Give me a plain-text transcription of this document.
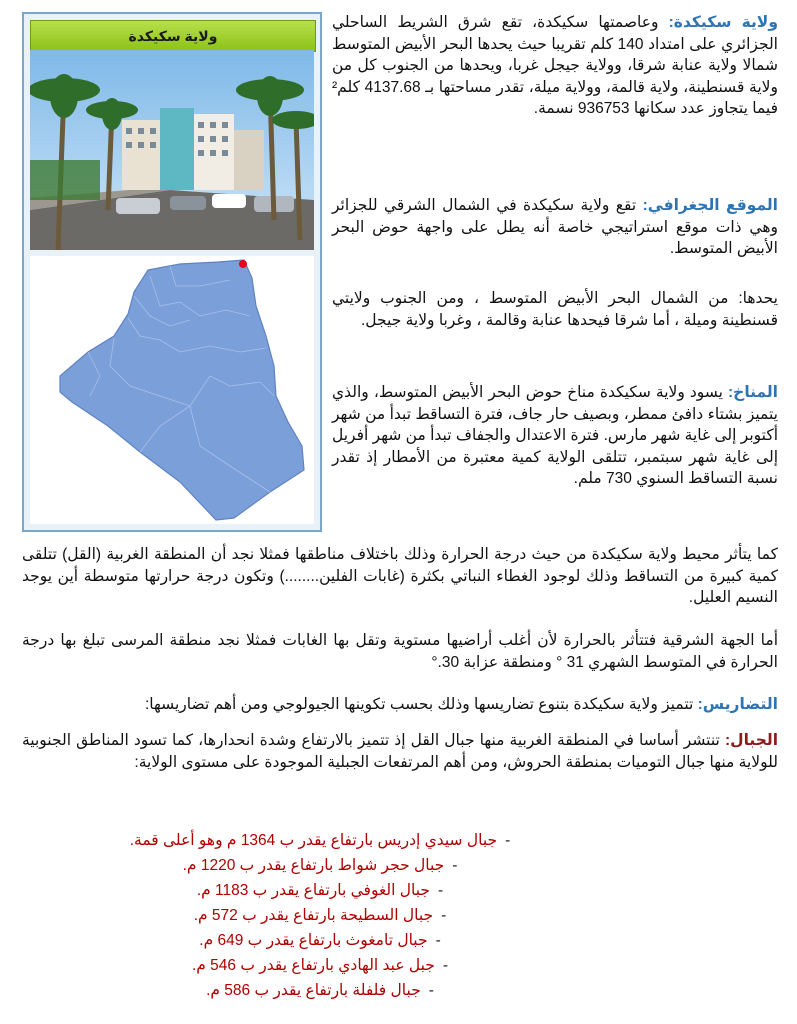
ولاية سكيكدة

ولاية سكيكدة: وعاصمتها سكيكدة، تقع شرق الشريط الساحلي الجزائري على امتداد 140 كلم تقريبا حيث يحدها البحر الأبيض المتوسط شمالا ولاية عنابة شرقا، وولاية جيجل غربا، ويحدها من الجنوب كل من ولاية قسنطينة، ولاية قالمة، وولاية ميلة، تقدر مساحتها بـ 4137.68 كلم² فيما يتجاوز عدد سكانها 936753 نسمة.

الموقع الجغرافي: تقع ولاية سكيكدة في الشمال الشرقي للجزائر وهي ذات موقع استراتيجي خاصة أنه يطل على واجهة حوض البحر الأبيض المتوسط.

يحدها: من الشمال البحر الأبيض المتوسط ، ومن الجنوب ولايتي قسنطينة وميلة ، أما شرقا فيحدها عنابة وقالمة ، وغربا ولاية جيجل.

المناخ: يسود ولاية سكيكدة مناخ حوض البحر الأبيض المتوسط، والذي يتميز بشتاء دافئ ممطر، وبصيف حار جاف، فترة التساقط تبدأ من شهر أكتوبر إلى غاية شهر مارس. فترة الاعتدال والجفاف تبدأ من شهر أفريل إلى غاية شهر سبتمبر، تتلقى الولاية كمية معتبرة من الأمطار إذ تقدر نسبة التساقط السنوي 730 ملم.

كما يتأثر محيط ولاية سكيكدة من حيث درجة الحرارة وذلك باختلاف مناطقها فمثلا نجد أن المنطقة الغربية (القل) تتلقى كمية كبيرة من التساقط وذلك لوجود الغطاء النباتي بكثرة (غابات الفلين........) وتكون درجة حرارتها متوسطة أين يوجد النسيم العليل.

أما الجهة الشرقية فتتأثر بالحرارة لأن أغلب أراضيها مستوية وتقل بها الغابات فمثلا نجد منطقة المرسى تبلغ بها درجة الحرارة في المتوسط الشهري 31 ° ومنطقة عزابة 30.°

التضاريس: تتميز ولاية سكيكدة بتنوع تضاريسها وذلك بحسب تكوينها الجيولوجي ومن أهم تضاريسها:

الجبال: تنتشر أساسا في المنطقة الغربية منها جبال القل إذ تتميز بالارتفاع وشدة انحدارها، كما تسود المناطق الجنوبية للولاية منها جبال التوميات بمنطقة الحروش، ومن أهم المرتفعات الجبلية الموجودة على مستوى الولاية:

-
جبال سيدي إدريس بارتفاع يقدر ب 1364 م وهو أعلى قمة.
-
جبال حجر شواط بارتفاع يقدر ب 1220 م.
-
جبال الغوفي بارتفاع يقدر ب 1183 م.
-
جبال السطيحة بارتفاع يقدر ب 572 م.
-
جبال تامغوث بارتفاع يقدر ب 649 م.
-
جبل عبد الهادي بارتفاع يقدر ب 546 م.
-
جبال فلفلة بارتفاع يقدر ب 586 م.
